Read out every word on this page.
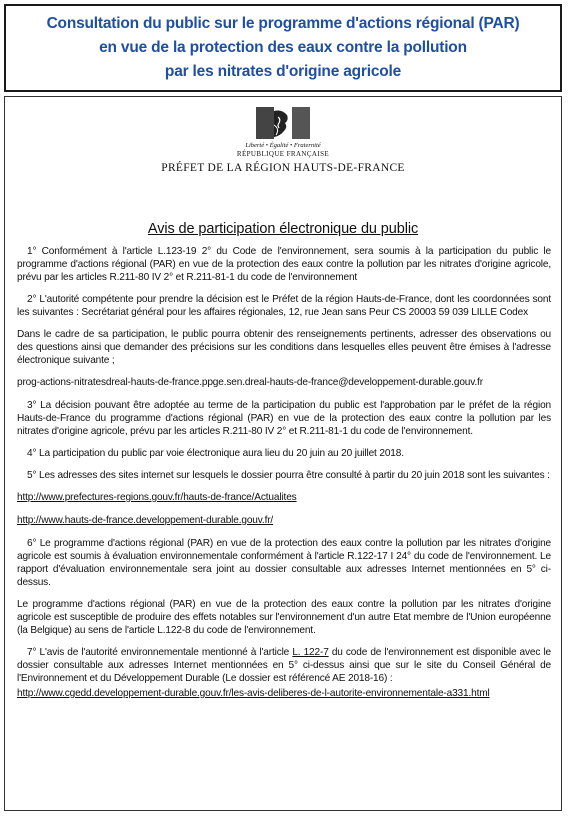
Consultation du public sur le programme d'actions régional (PAR)
en vue de la protection des eaux contre la pollution
par les nitrates d'origine agricole
Liberté • Égalité • Fraternité
RÉPUBLIQUE FRANÇAISE
PRÉFET DE LA RÉGION HAUTS-DE-FRANCE
Avis de participation électronique du public

1° Conformément à l'article L.123-19 2° du Code de l'environnement, sera soumis à la participation du public le programme d'actions régional (PAR) en vue de la protection des eaux contre la pollution par les nitrates d'origine agricole, prévu par les articles R.211-80 IV 2° et R.211-81-1 du code de l'environnement

2° L'autorité compétente pour prendre la décision est le Préfet de la région Hauts-de-France, dont les coordonnées sont les suivantes : Secrétariat général pour les affaires régionales, 12, rue Jean sans Peur CS 20003 59 039 LILLE Codex

Dans le cadre de sa participation, le public pourra obtenir des renseignements pertinents, adresser des observations ou des questions ainsi que demander des précisions sur les conditions dans lesquelles elles peuvent être émises à l'adresse électronique suivante ;

prog-actions-nitratesdreal-hauts-de-france.ppge.sen.dreal-hauts-de-france@developpement-durable.gouv.fr

3° La décision pouvant être adoptée au terme de la participation du public est l'approbation par le préfet de la région Hauts-de-France du programme d'actions régional (PAR) en vue de la protection des eaux contre la pollution par les nitrates d'origine agricole, prévu par les articles R.211-80 IV 2° et R.211-81-1 du code de l'environnement.

4° La participation du public par voie électronique aura lieu du 20 juin au 20 juillet 2018.

5° Les adresses des sites internet sur lesquels le dossier pourra être consulté à partir du 20 juin 2018 sont les suivantes :

http://www.prefectures-regions.gouv.fr/hauts-de-france/Actualites
http://www.hauts-de-france.developpement-durable.gouv.fr/

6° Le programme d'actions régional (PAR) en vue de la protection des eaux contre la pollution par les nitrates d'origine agricole est soumis à évaluation environnementale conformément à l'article R.122-17 I 24° du code de l'environnement. Le rapport d'évaluation environnementale sera joint au dossier consultable aux adresses Internet mentionnées en 5° ci-dessus.

Le programme d'actions régional (PAR) en vue de la protection des eaux contre la pollution par les nitrates d'origine agricole est susceptible de produire des effets notables sur l'environnement d'un autre Etat membre de l'Union européenne (la Belgique) au sens de l'article L.122-8 du code de l'environnement.

7° L'avis de l'autorité environnementale mentionné à l'article L. 122-7 du code de l'environnement est disponible avec le dossier consultable aux adresses Internet mentionnées en 5° ci-dessus ainsi que sur le site du Conseil Général de l'Environnement et du Développement Durable (Le dossier est référencé AE 2018-16) :

http://www.cgedd.developpement-durable.gouv.fr/les-avis-deliberes-de-l-autorite-environnementale-a331.html
